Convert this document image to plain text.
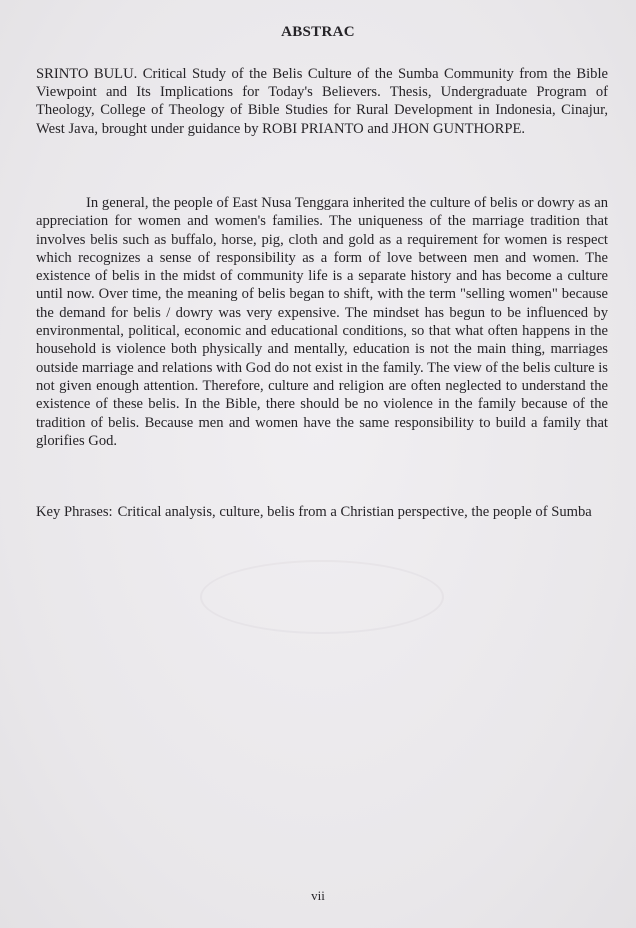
ABSTRAC

SRINTO BULU. Critical Study of the Belis Culture of the Sumba Community from the Bible Viewpoint and Its Implications for Today's Believers. Thesis, Undergraduate Program of Theology, College of Theology of Bible Studies for Rural Development in Indonesia, Cinajur, West Java, brought under guidance by ROBI PRIANTO and JHON GUNTHORPE.

In general, the people of East Nusa Tenggara inherited the culture of belis or dowry as an appreciation for women and women's families. The uniqueness of the marriage tradition that involves belis such as buffalo, horse, pig, cloth and gold as a requirement for women is respect which recognizes a sense of responsibility as a form of love between men and women. The existence of belis in the midst of community life is a separate history and has become a culture until now. Over time, the meaning of belis began to shift, with the term "selling women" because the demand for belis / dowry was very expensive. The mindset has begun to be influenced by environmental, political, economic and educational conditions, so that what often happens in the household is violence both physically and mentally, education is not the main thing, marriages outside marriage and relations with God do not exist in the family. The view of the belis culture is not given enough attention. Therefore, culture and religion are often neglected to understand the existence of these belis. In the Bible, there should be no violence in the family because of the tradition of belis. Because men and women have the same responsibility to build a family that glorifies God.

Key Phrases: Critical analysis, culture, belis from a Christian perspective, the people of Sumba
vii
